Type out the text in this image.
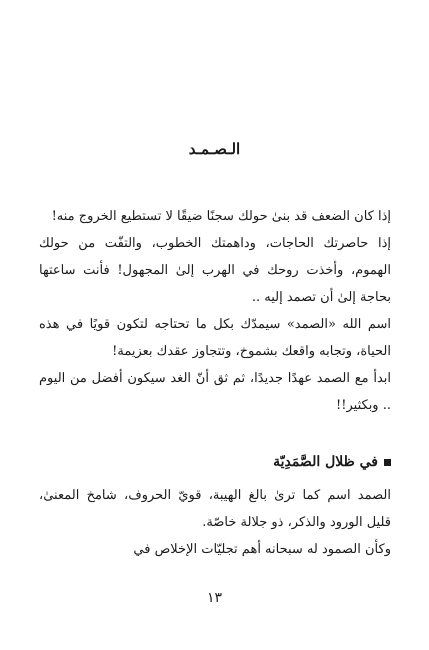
الـصـمـد

إذا كان الضعف قد بنىٰ حولك سجنًا ضيقًا لا تستطيع الخروج منه!

إذا حاصرتك الحاجات، وداهمتك الخطوب، والتفّت من حولك الهموم، وأخذت روحك في الهرب إلىٰ المجهول! فأنت ساعتها بحاجة إلىٰ أن تصمد إليه ..

اسم الله «الصمد» سيمدّك بكل ما تحتاجه لتكون قويًا في هذه الحياة، وتجابه واقعك بشموخ، وتتجاوز عقدك بعزيمة!

ابدأ مع الصمد عهدًا جديدًا، ثم ثق أنّ الغد سيكون أفضل من اليوم .. وبكثير!!

في ظلال الصَّمَدِيّة

الصمد اسم كما ترىٰ بالغ الهيبة، قويّ الحروف، شامخ المعنىٰ، قليل الورود والذكر، ذو جلالة خاصّة.

وكأن الصمود له سبحانه أهم تجليّات الإخلاص في

١٣
